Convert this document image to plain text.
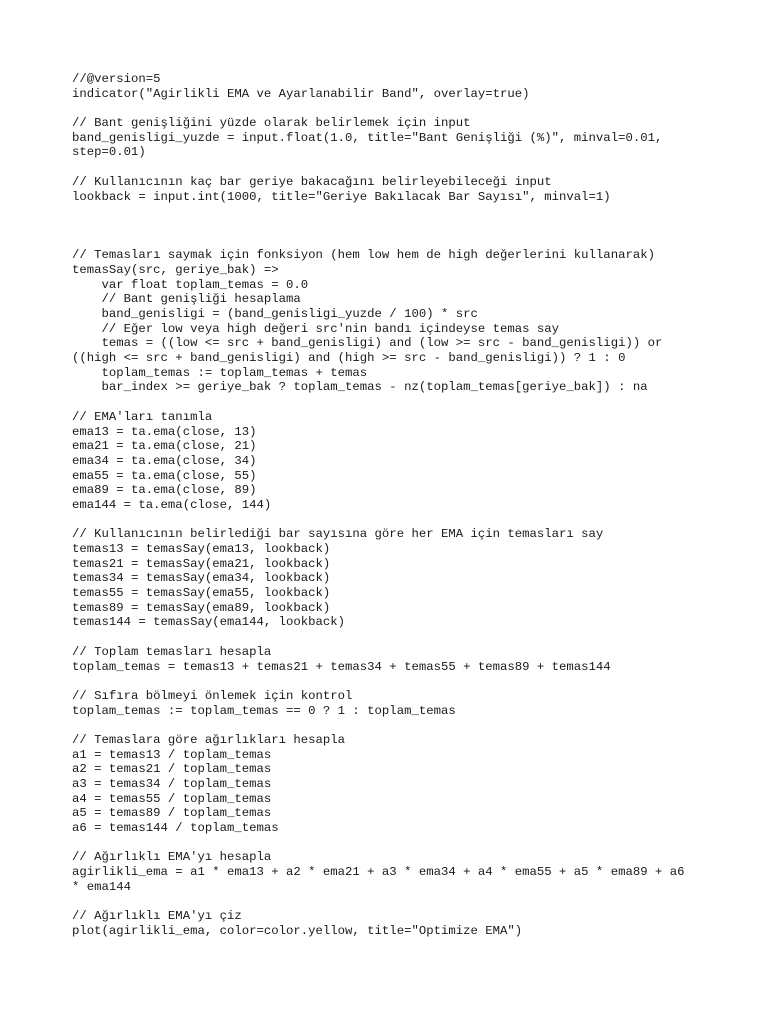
//@version=5
indicator("Agirlikli EMA ve Ayarlanabilir Band", overlay=true)
// Bant genişliğini yüzde olarak belirlemek için input
band_genisligi_yuzde = input.float(1.0, title="Bant Genişliği (%)", minval=0.01,
step=0.01)
// Kullanıcının kaç bar geriye bakacağını belirleyebileceği input
lookback = input.int(1000, title="Geriye Bakılacak Bar Sayısı", minval=1)
// Temasları saymak için fonksiyon (hem low hem de high değerlerini kullanarak)
temasSay(src, geriye_bak) =>
var float toplam_temas = 0.0
// Bant genişliği hesaplama
band_genisligi = (band_genisligi_yuzde / 100) * src
// Eğer low veya high değeri src'nin bandı içindeyse temas say
temas = ((low <= src + band_genisligi) and (low >= src - band_genisligi)) or
((high <= src + band_genisligi) and (high >= src - band_genisligi)) ? 1 : 0
toplam_temas := toplam_temas + temas
bar_index >= geriye_bak ? toplam_temas - nz(toplam_temas[geriye_bak]) : na
// EMA'ları tanımla
ema13 = ta.ema(close, 13)
ema21 = ta.ema(close, 21)
ema34 = ta.ema(close, 34)
ema55 = ta.ema(close, 55)
ema89 = ta.ema(close, 89)
ema144 = ta.ema(close, 144)
// Kullanıcının belirlediği bar sayısına göre her EMA için temasları say
temas13 = temasSay(ema13, lookback)
temas21 = temasSay(ema21, lookback)
temas34 = temasSay(ema34, lookback)
temas55 = temasSay(ema55, lookback)
temas89 = temasSay(ema89, lookback)
temas144 = temasSay(ema144, lookback)
// Toplam temasları hesapla
toplam_temas = temas13 + temas21 + temas34 + temas55 + temas89 + temas144
// Sıfıra bölmeyi önlemek için kontrol
toplam_temas := toplam_temas == 0 ? 1 : toplam_temas
// Temaslara göre ağırlıkları hesapla
a1 = temas13 / toplam_temas
a2 = temas21 / toplam_temas
a3 = temas34 / toplam_temas
a4 = temas55 / toplam_temas
a5 = temas89 / toplam_temas
a6 = temas144 / toplam_temas
// Ağırlıklı EMA'yı hesapla
agirlikli_ema = a1 * ema13 + a2 * ema21 + a3 * ema34 + a4 * ema55 + a5 * ema89 + a6
* ema144
// Ağırlıklı EMA'yı çiz
plot(agirlikli_ema, color=color.yellow, title="Optimize EMA")
